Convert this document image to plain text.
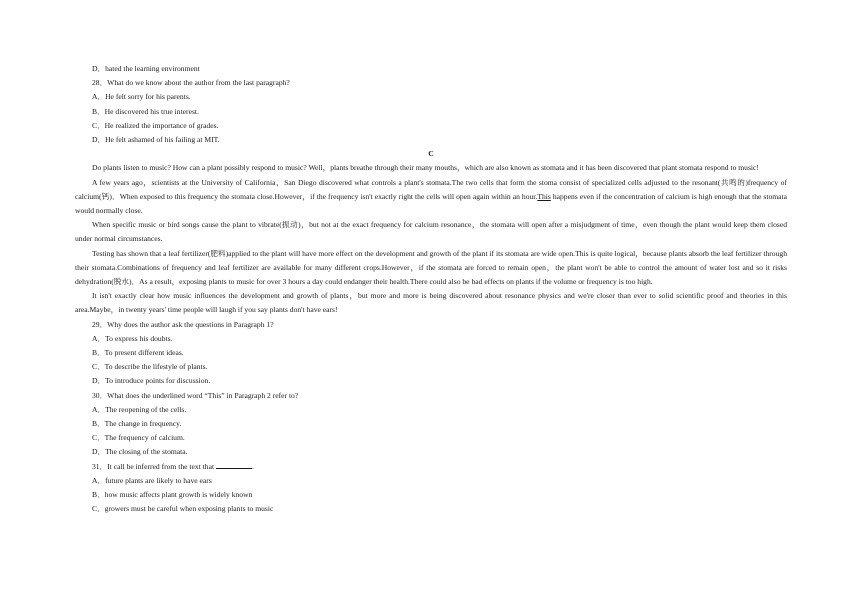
D．hated the learning environment
28．What do we know about the author from the last paragraph?
A．He felt sorry for his parents.
B．He discovered his true interest.
C．He realized the importance of grades.
D．He felt ashamed of his failing at MIT.
C

Do plants listen to music? How can a plant possibly respond to music? Well，plants breathe through their many mouths，which are also known as stomata and it has been discovered that plant stomata respond to music!

A few years ago，scientists at the University of California，San Diego discovered what controls a plant's stomata.The two cells that form the stoma consist of specialized cells adjusted to the resonant(共鸣的)frequency of calcium(钙)．When exposed to this frequency the stomata close.However，if the frequency isn't exactly right the cells will open again within an hour.This happens even if the concentration of calcium is high enough that the stomata would normally close.

When specific music or bird songs cause the plant to vibrate(振动)，but not at the exact frequency for calcium resonance，the stomata will open after a misjudgment of time，even though the plant would keep them closed under normal circumstances.

Testing has shown that a leaf fertilizer(肥料)applied to the plant will have more effect on the development and growth of the plant if its stomata are wide open.This is quite logical，because plants absorb the leaf fertilizer through their stomata.Combinations of frequency and leaf fertilizer are available for many different crops.However，if the stomata are forced to remain open，the plant won't be able to control the amount of water lost and so it risks dehydration(脱水)．As a result，exposing plants to music for over 3 hours a day could endanger their health.There could also be bad effects on plants if the volume or frequency is too high.

It isn't exactly clear how music influences the development and growth of plants，but more and more is being discovered about resonance physics and we're closer than ever to solid scientific proof and theories in this area.Maybe，in twenty years' time people will laugh if you say plants don't have ears!

29．Why does the author ask the questions in Paragraph 1?
A．To express his doubts.
B．To present different ideas.
C．To describe the lifestyle of plants.
D．To introduce points for discussion.
30．What does the underlined word “This” in Paragraph 2 refer to?
A．The reopening of the cells.
B．The change in frequency.
C．The frequency of calcium.
D．The closing of the stomata.
31．It call be inferred from the text that	.
A．future plants are likely to have ears
B．how music affects plant growth is widely known
C．growers must be careful when exposing plants to music
